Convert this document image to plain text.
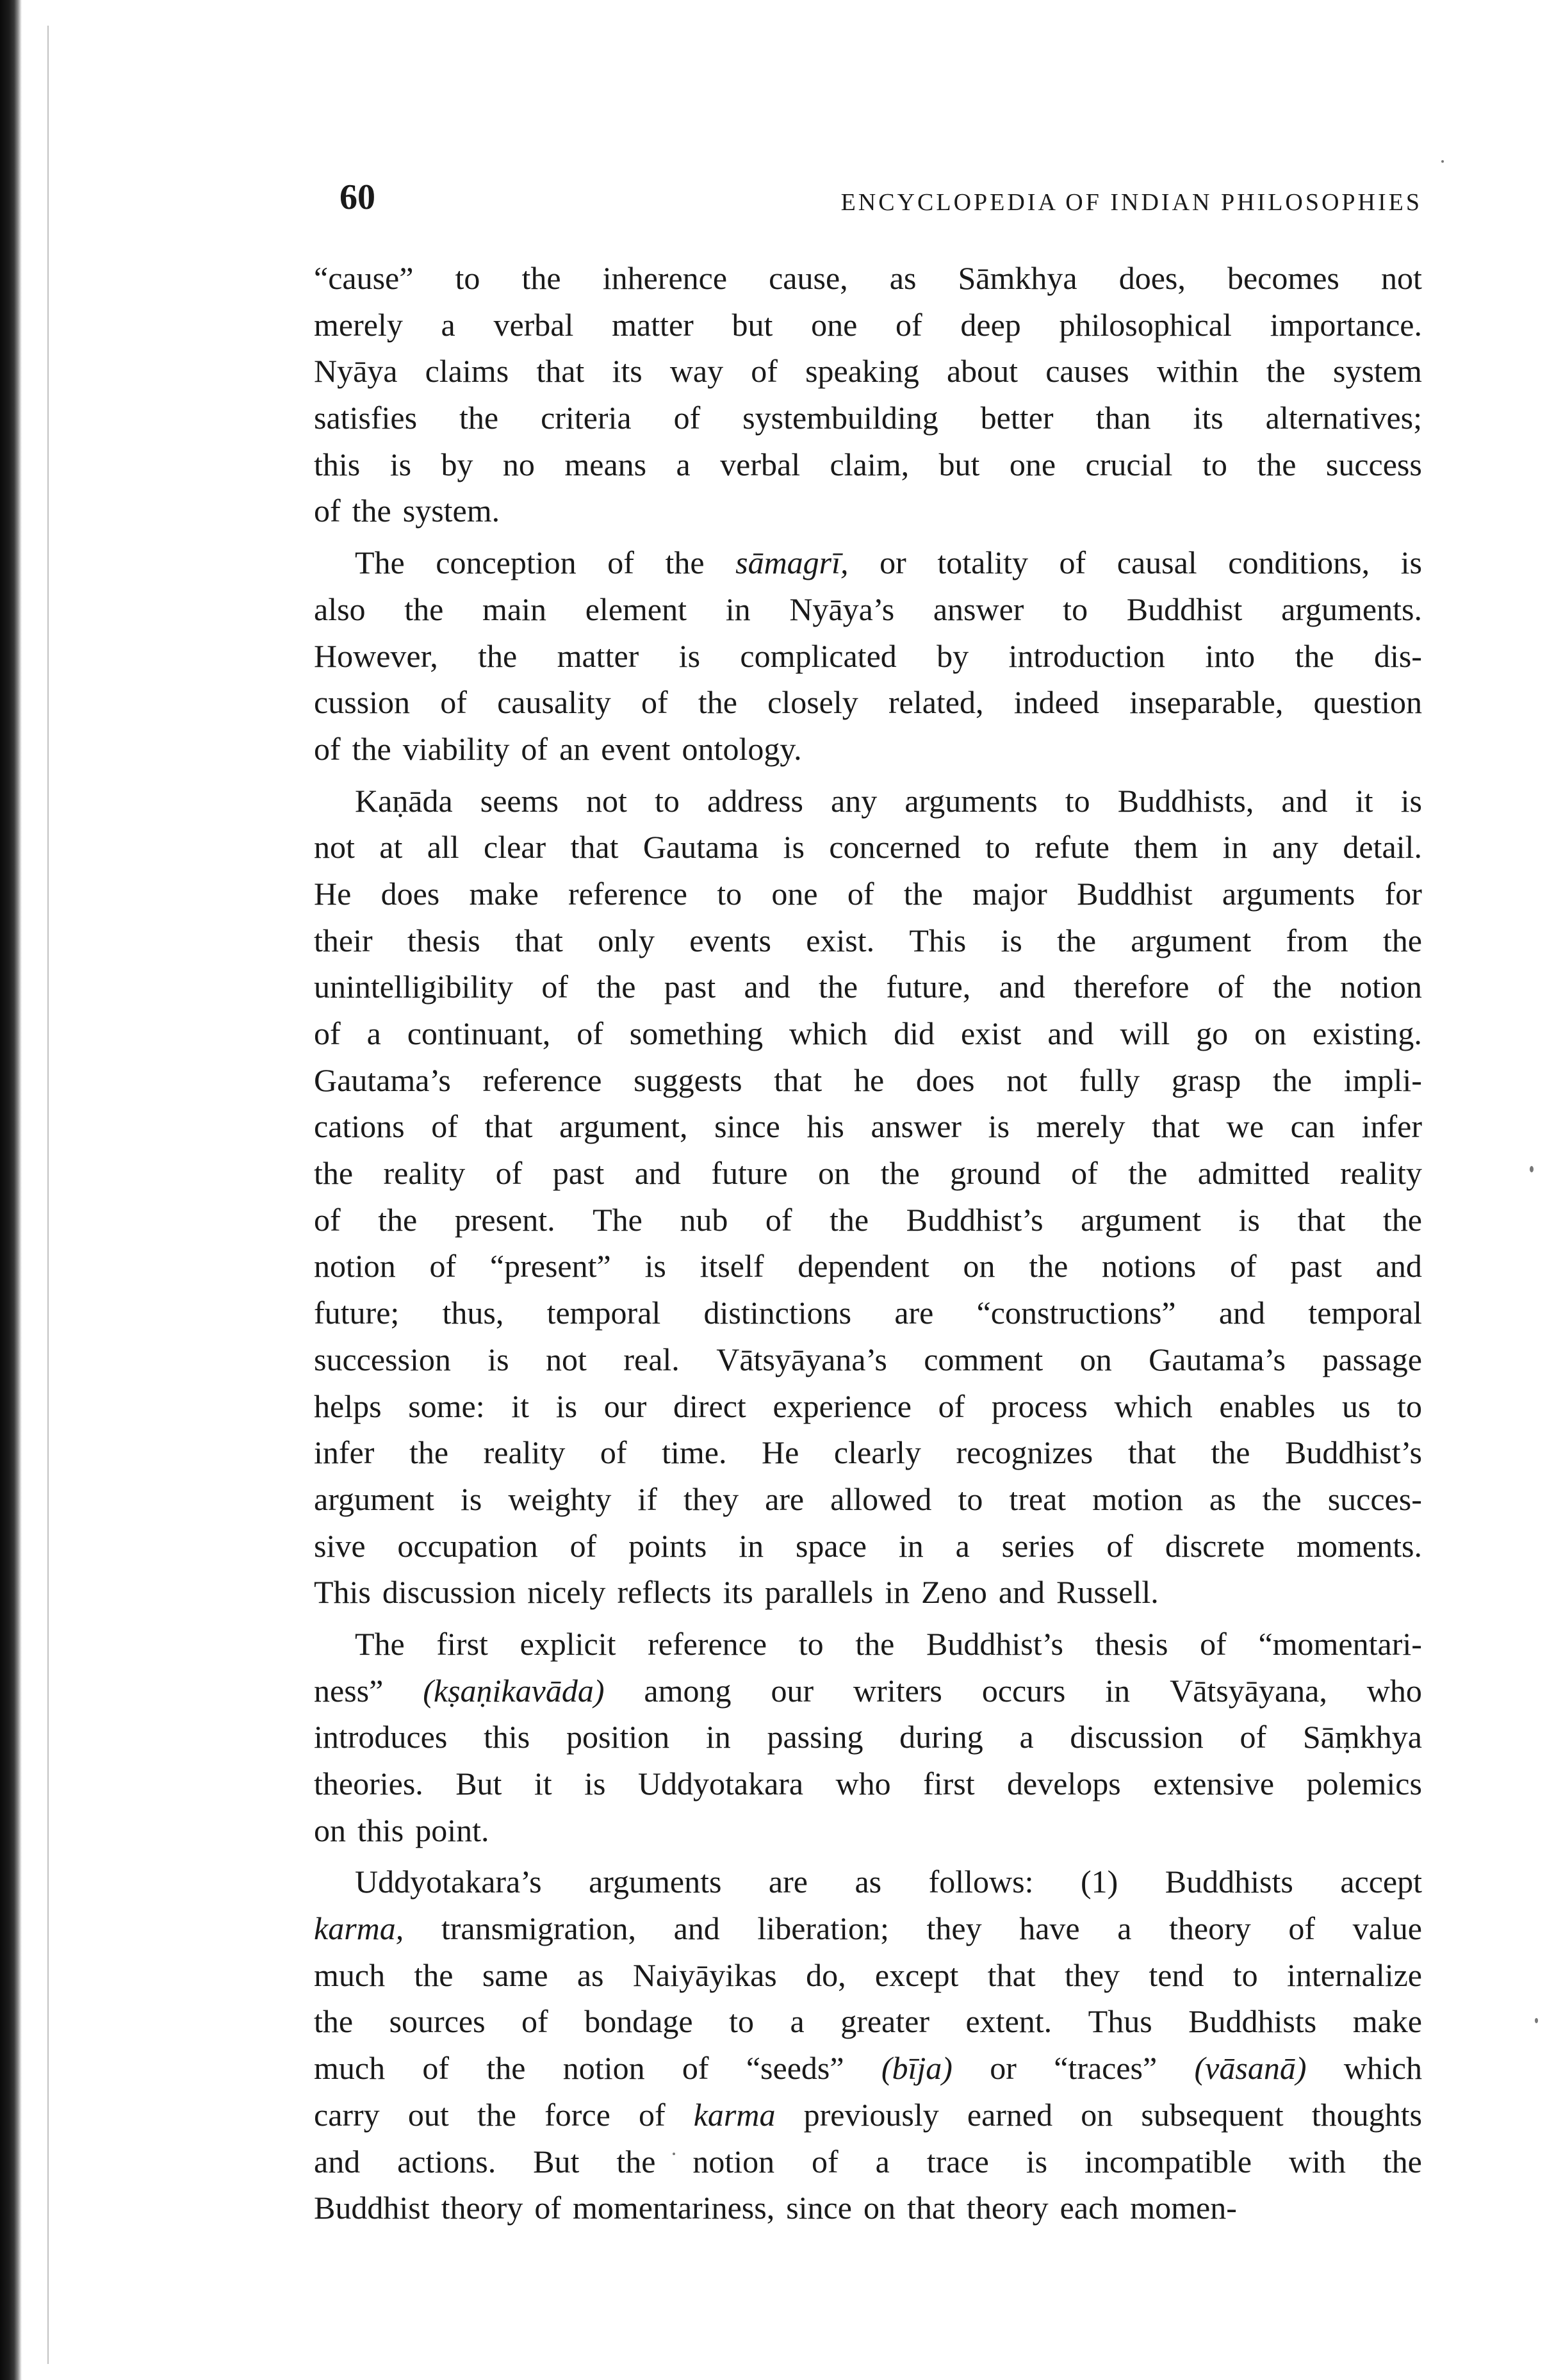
60	ENCYCLOPEDIA OF INDIAN PHILOSOPHIES
“cause” to the inherence cause, as Sāmkhya does, becomes not
merely a verbal matter but one of deep philosophical importance.
Nyāya claims that its way of speaking about causes within the system
satisfies the criteria of systembuilding better than its alternatives;
this is by no means a verbal claim, but one crucial to the success
of the system.
The conception of the sāmagrī, or totality of causal conditions, is
also the main element in Nyāya’s answer to Buddhist arguments.
However, the matter is complicated by introduction into the dis-
cussion of causality of the closely related, indeed inseparable, question
of the viability of an event ontology.
Kaṇāda seems not to address any arguments to Buddhists, and it is
not at all clear that Gautama is concerned to refute them in any detail.
He does make reference to one of the major Buddhist arguments for
their thesis that only events exist. This is the argument from the
unintelligibility of the past and the future, and therefore of the notion
of a continuant, of something which did exist and will go on existing.
Gautama’s reference suggests that he does not fully grasp the impli-
cations of that argument, since his answer is merely that we can infer
the reality of past and future on the ground of the admitted reality
of the present. The nub of the Buddhist’s argument is that the
notion of “present” is itself dependent on the notions of past and
future; thus, temporal distinctions are “constructions” and temporal
succession is not real. Vātsyāyana’s comment on Gautama’s passage
helps some: it is our direct experience of process which enables us to
infer the reality of time. He clearly recognizes that the Buddhist’s
argument is weighty if they are allowed to treat motion as the succes-
sive occupation of points in space in a series of discrete moments.
This discussion nicely reflects its parallels in Zeno and Russell.
The first explicit reference to the Buddhist’s thesis of “momentari-
ness” (kṣaṇikavāda) among our writers occurs in Vātsyāyana, who
introduces this position in passing during a discussion of Sāṃkhya
theories. But it is Uddyotakara who first develops extensive polemics
on this point.
Uddyotakara’s arguments are as follows: (1) Buddhists accept
karma, transmigration, and liberation; they have a theory of value
much the same as Naiyāyikas do, except that they tend to internalize
the sources of bondage to a greater extent. Thus Buddhists make
much of the notion of “seeds” (bīja) or “traces” (vāsanā) which
carry out the force of karma previously earned on subsequent thoughts
and actions. But the notion of a trace is incompatible with the
Buddhist theory of momentariness, since on that theory each momen-
